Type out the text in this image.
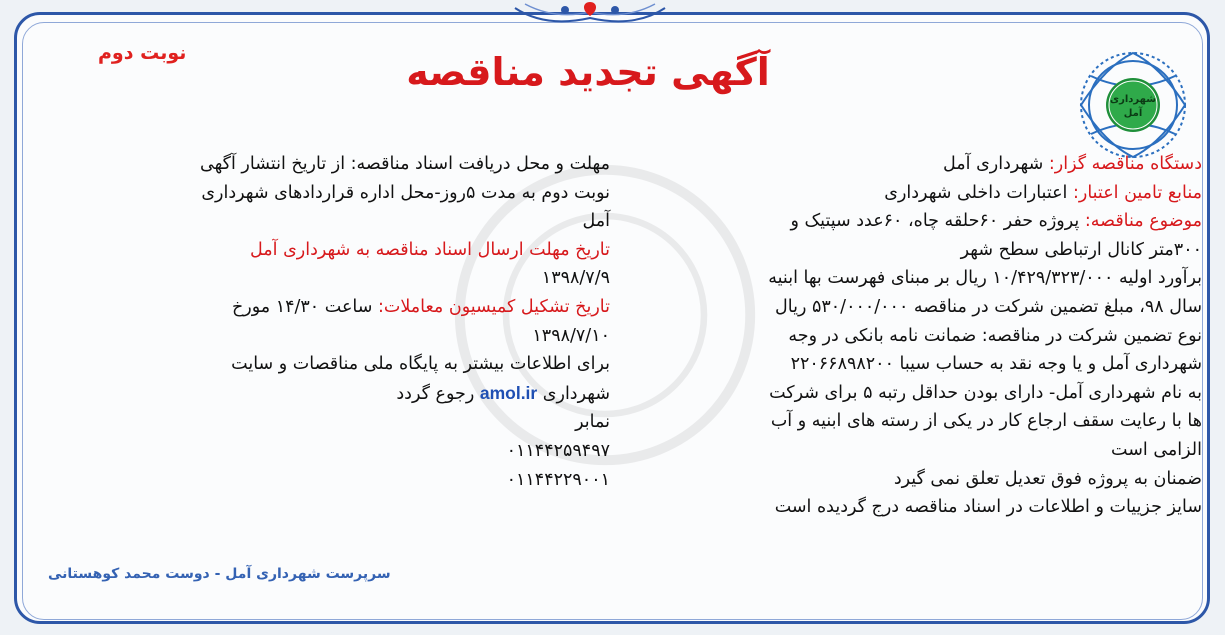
شهرداری
آمل
نوبت دوم	آگهی تجدید مناقصه
دستگاه مناقصه گزار: شهرداری آمل
منابع تامین اعتبار: اعتبارات داخلی شهرداری
موضوع مناقصه: پروژه حفر ۶۰حلقه چاه، ۶۰عدد سپتیک و
۳۰۰متر کانال ارتباطی سطح شهر
برآورد اولیه ۱۰/۴۲۹/۳۲۳/۰۰۰ ریال بر مبنای فهرست بها ابنیه
سال ۹۸، مبلغ تضمین شرکت در مناقصه ۵۳۰/۰۰۰/۰۰۰ ریال
نوع تضمین شرکت در مناقصه: ضمانت نامه بانکی در وجه
شهرداری آمل و یا وجه نقد به حساب سیبا ۲۲۰۶۶۸۹۸۲۰۰
به نام شهرداری آمل- دارای بودن حداقل رتبه ۵ برای شرکت
ها با رعایت سقف ارجاع کار در یکی از رسته های ابنیه و آب
الزامی است
ضمنان به پروژه فوق تعدیل تعلق نمی گیرد
سایز جزییات و اطلاعات در اسناد مناقصه درج گردیده است
مهلت و محل دریافت اسناد مناقصه: از تاریخ انتشار آگهی
نوبت دوم به مدت ۵روز-محل اداره قراردادهای شهرداری
آمل
تاریخ مهلت ارسال اسناد مناقصه به شهرداری آمل
۱۳۹۸/۷/۹
تاریخ تشکیل کمیسیون معاملات: ساعت ۱۴/۳۰ مورخ
۱۳۹۸/۷/۱۰
برای اطلاعات بیشتر به پایگاه ملی مناقصات و سایت
شهرداری amol.ir رجوع گردد
نمابر
۰۱۱۴۴۲۵۹۴۹۷
۰۱۱۴۴۲۲۹۰۰۱
سرپرست شهرداری آمل - دوست محمد کوهستانی
